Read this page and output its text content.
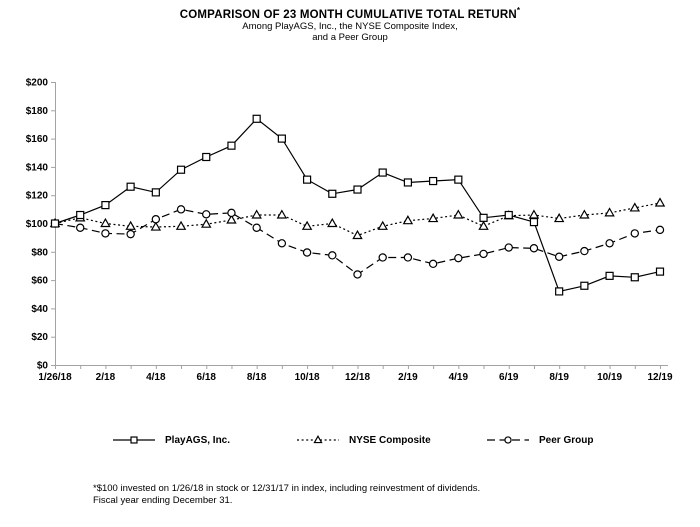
COMPARISON OF 23 MONTH CUMULATIVE TOTAL RETURN*
Among PlayAGS, Inc., the NYSE Composite Index,
and a Peer Group
$200
$180
$160
$140
$120
$100
$80
$60
$40
$20
$0
1/26/18 2/18	4/18	6/18	8/18	10/18	12/18	2/19	4/19	6/19	8/19	10/19	12/19
PlayAGS, Inc.	NYSE Composite	Peer Group
*$100 invested on 1/26/18 in stock or 12/31/17 in index, including reinvestment of dividends.
Fiscal year ending December 31.
